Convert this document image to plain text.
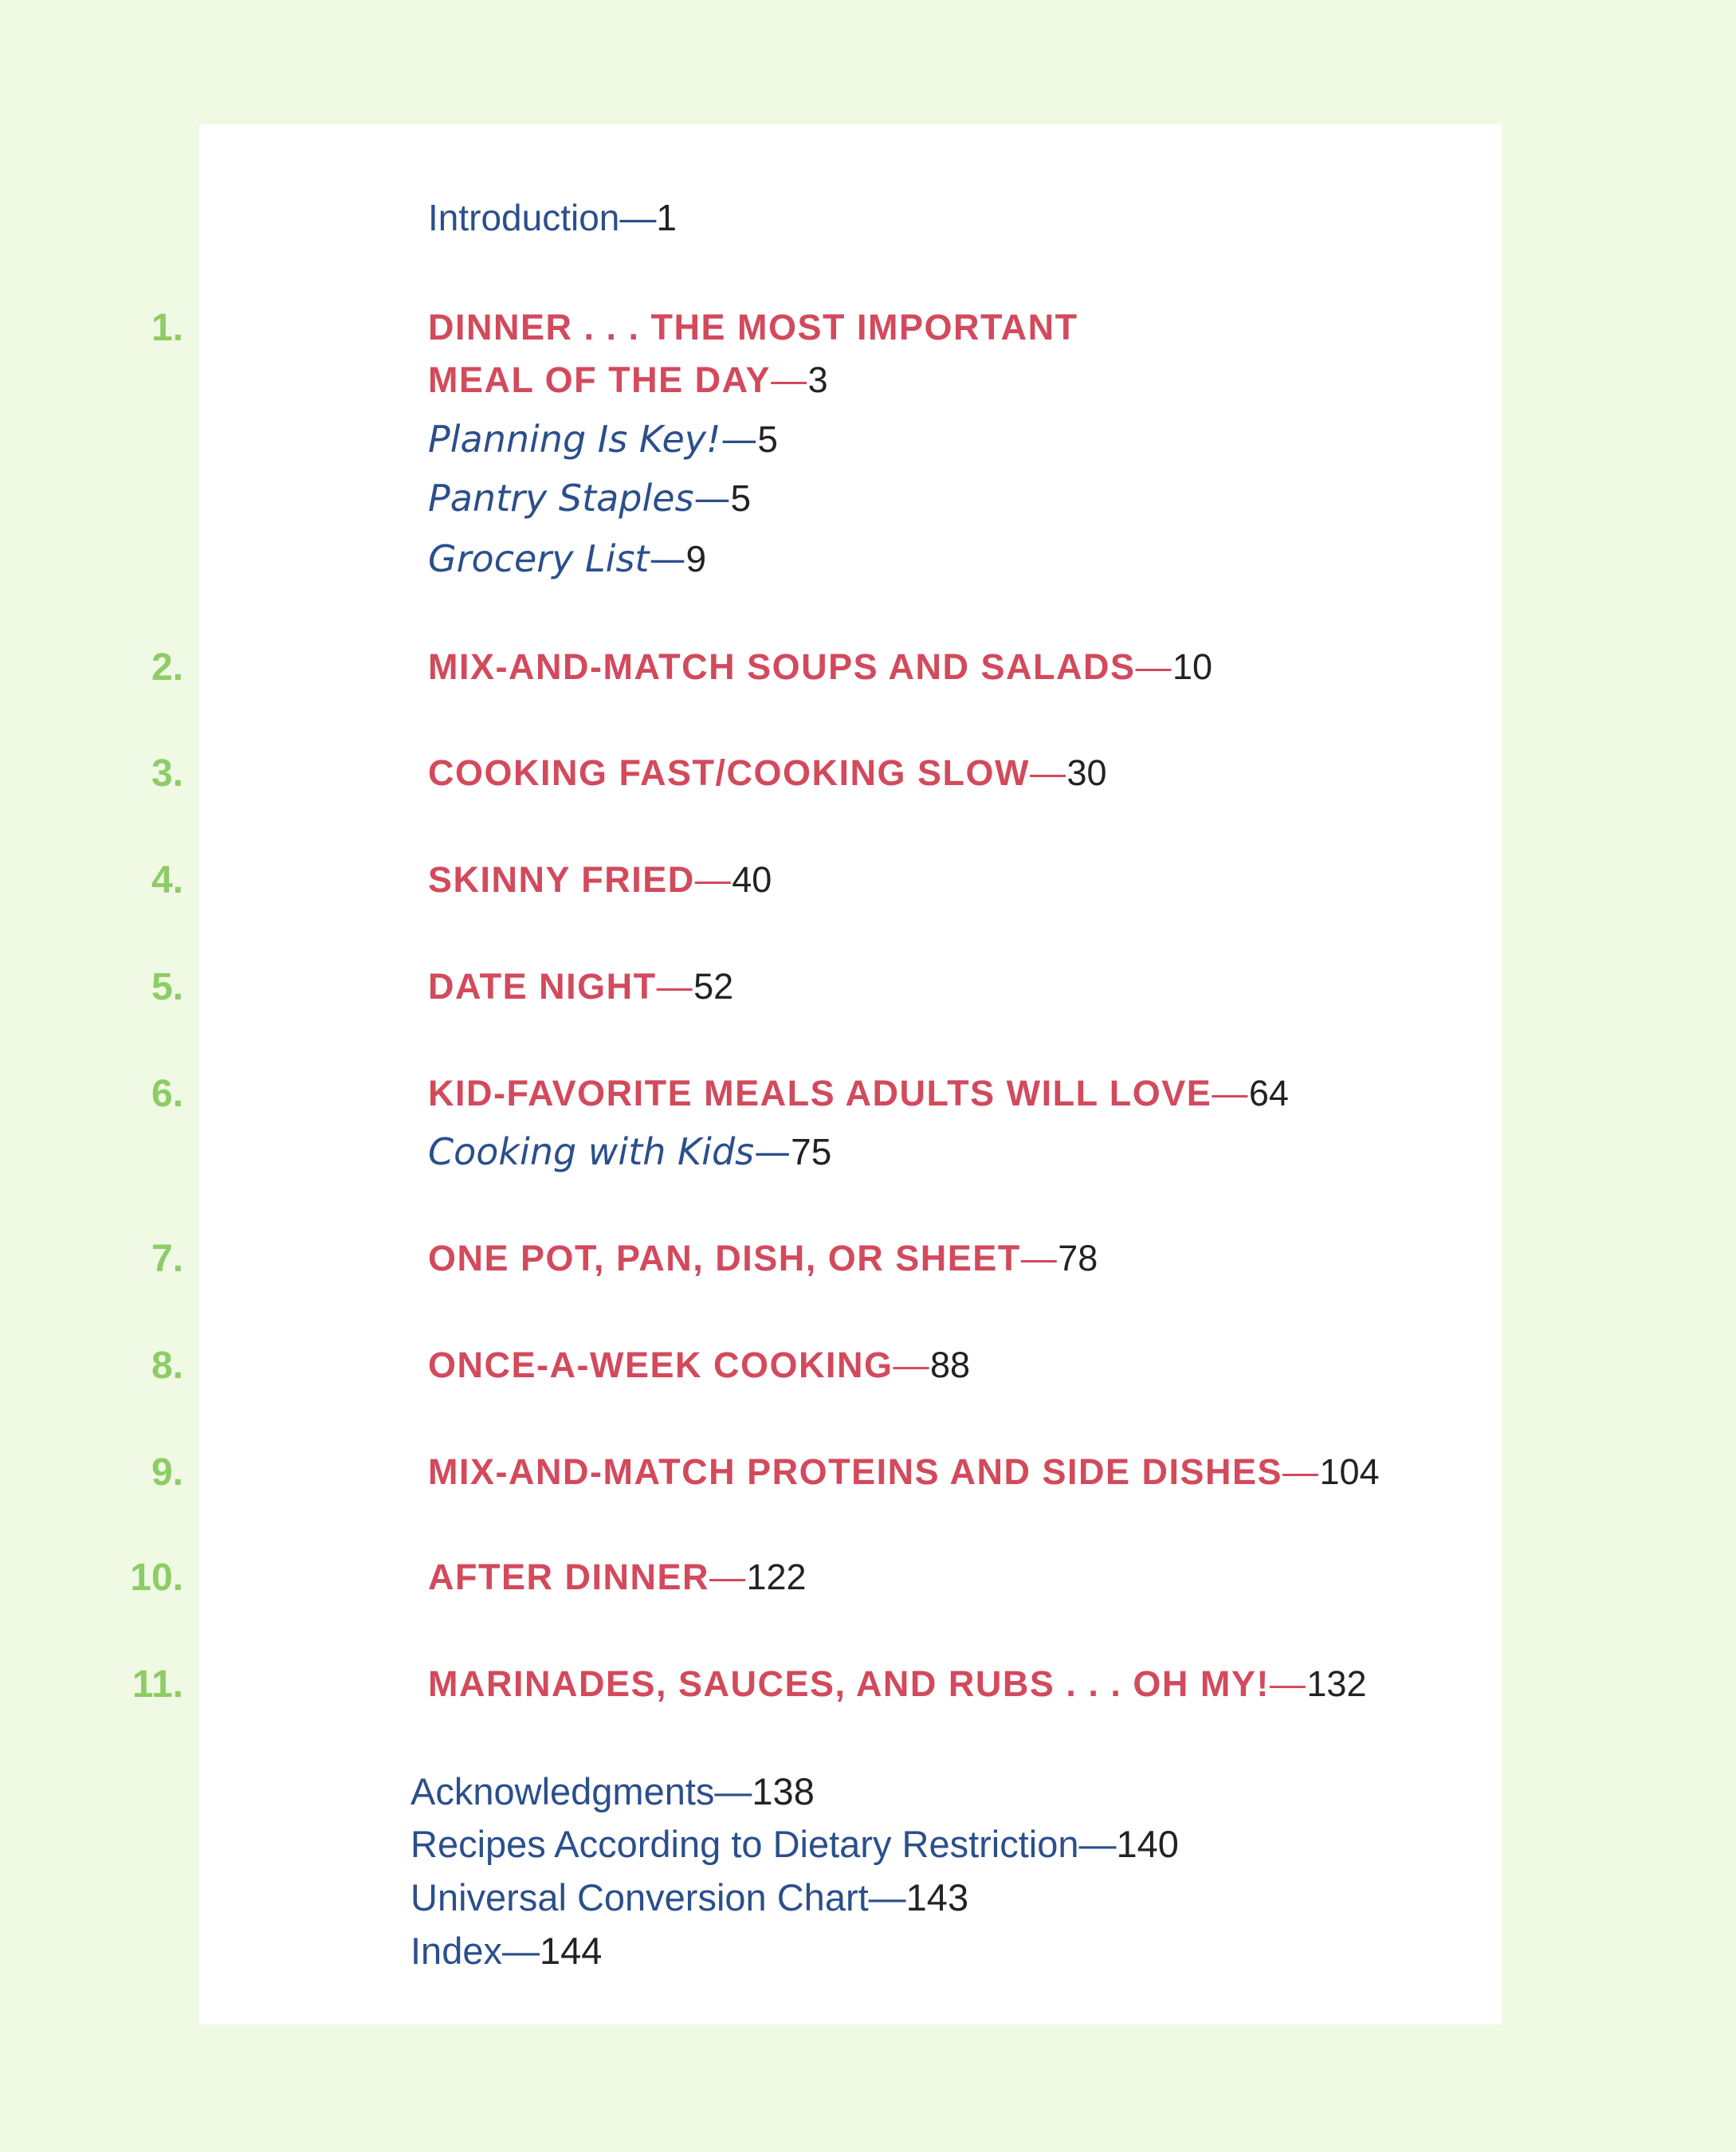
Introduction—1
1.	DINNER . . . THE MOST IMPORTANT
MEAL OF THE DAY—3
Planning Is Key!—5
Pantry Staples—5
Grocery List—9
2.	MIX-AND-MATCH SOUPS AND SALADS—10
3.	COOKING FAST/COOKING SLOW—30
4.	SKINNY FRIED—40
5.	DATE NIGHT—52
6.	KID-FAVORITE MEALS ADULTS WILL LOVE—64
Cooking with Kids—75
7.	ONE POT, PAN, DISH, OR SHEET—78
8.	ONCE-A-WEEK COOKING—88
9.	MIX-AND-MATCH PROTEINS AND SIDE DISHES—104
10.	AFTER DINNER—122
11.	MARINADES, SAUCES, AND RUBS . . . OH MY!—132
Acknowledgments—138
Recipes According to Dietary Restriction—140
Universal Conversion Chart—143
Index—144
